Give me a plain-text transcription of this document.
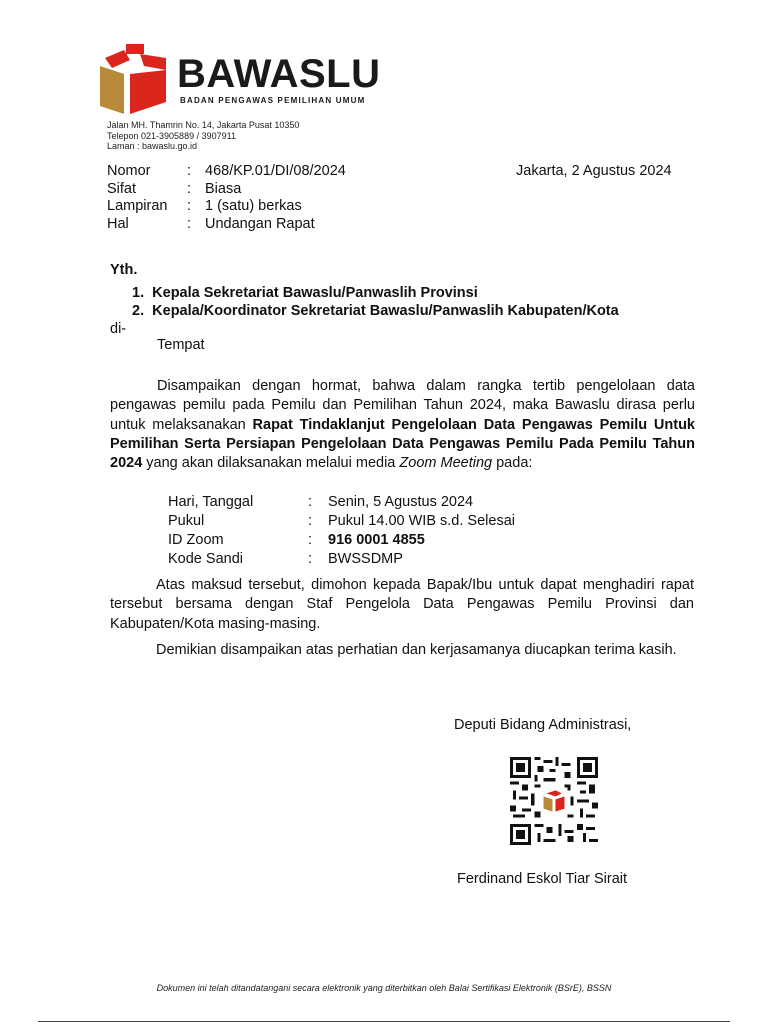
BAWASLU
BADAN PENGAWAS PEMILIHAN UMUM
Jalan MH. Thamrin No. 14, Jakarta Pusat 10350
Telepon 021-3905889 / 3907911
Laman : bawaslu.go.id
Nomor	: 468/KP.01/DI/08/2024
Sifat	: Biasa
Lampiran	: 1 (satu) berkas
Hal	: Undangan Rapat
Jakarta, 2 Agustus 2024
Yth.
1. Kepala Sekretariat Bawaslu/Panwaslih Provinsi
2. Kepala/Koordinator Sekretariat Bawaslu/Panwaslih Kabupaten/Kota
di-
Tempat
Disampaikan dengan hormat, bahwa dalam rangka tertib pengelolaan data pengawas pemilu pada Pemilu dan Pemilihan Tahun 2024, maka Bawaslu dirasa perlu untuk melaksanakan Rapat Tindaklanjut Pengelolaan Data Pengawas Pemilu Untuk Pemilihan Serta Persiapan Pengelolaan Data Pengawas Pemilu Pada Pemilu Tahun 2024 yang akan dilaksanakan melalui media Zoom Meeting pada:
Hari, Tanggal	:	Senin, 5 Agustus 2024
Pukul	:	Pukul 14.00 WIB s.d. Selesai
ID Zoom	:	916 0001 4855
Kode Sandi	:	BWSSDMP
Atas maksud tersebut, dimohon kepada Bapak/Ibu untuk dapat menghadiri rapat tersebut bersama dengan Staf Pengelola Data Pengawas Pemilu Provinsi dan Kabupaten/Kota masing-masing.
Demikian disampaikan atas perhatian dan kerjasamanya diucapkan terima kasih.
Deputi Bidang Administrasi,
Ferdinand Eskol Tiar Sirait
Dokumen ini telah ditandatangani secara elektronik yang diterbitkan oleh Balai Sertifikasi Elektronik (BSrE), BSSN
